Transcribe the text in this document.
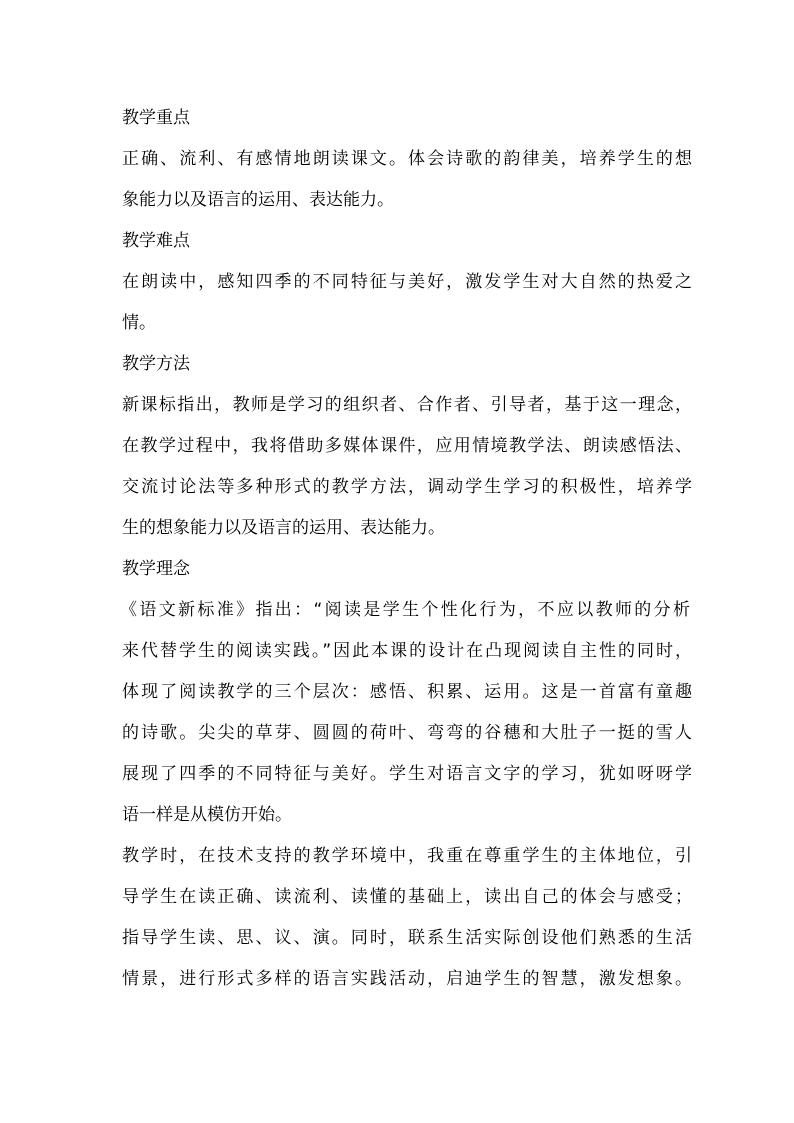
教学重点
正确、流利、有感情地朗读课文。体会诗歌的韵律美，培养学生的想
象能力以及语言的运用、表达能力。
教学难点
在朗读中，感知四季的不同特征与美好，激发学生对大自然的热爱之
情。
教学方法
新课标指出，教师是学习的组织者、合作者、引导者，基于这一理念，
在教学过程中，我将借助多媒体课件，应用情境教学法、朗读感悟法、
交流讨论法等多种形式的教学方法，调动学生学习的积极性，培养学
生的想象能力以及语言的运用、表达能力。
教学理念
《语文新标准》指出：“阅读是学生个性化行为，不应以教师的分析
来代替学生的阅读实践。”因此本课的设计在凸现阅读自主性的同时，
体现了阅读教学的三个层次：感悟、积累、运用。这是一首富有童趣
的诗歌。尖尖的草芽、圆圆的荷叶、弯弯的谷穗和大肚子一挺的雪人
展现了四季的不同特征与美好。学生对语言文字的学习，犹如呀呀学
语一样是从模仿开始。
教学时，在技术支持的教学环境中，我重在尊重学生的主体地位，引
导学生在读正确、读流利、读懂的基础上，读出自己的体会与感受；
指导学生读、思、议、演。同时，联系生活实际创设他们熟悉的生活
情景，进行形式多样的语言实践活动，启迪学生的智慧，激发想象。
